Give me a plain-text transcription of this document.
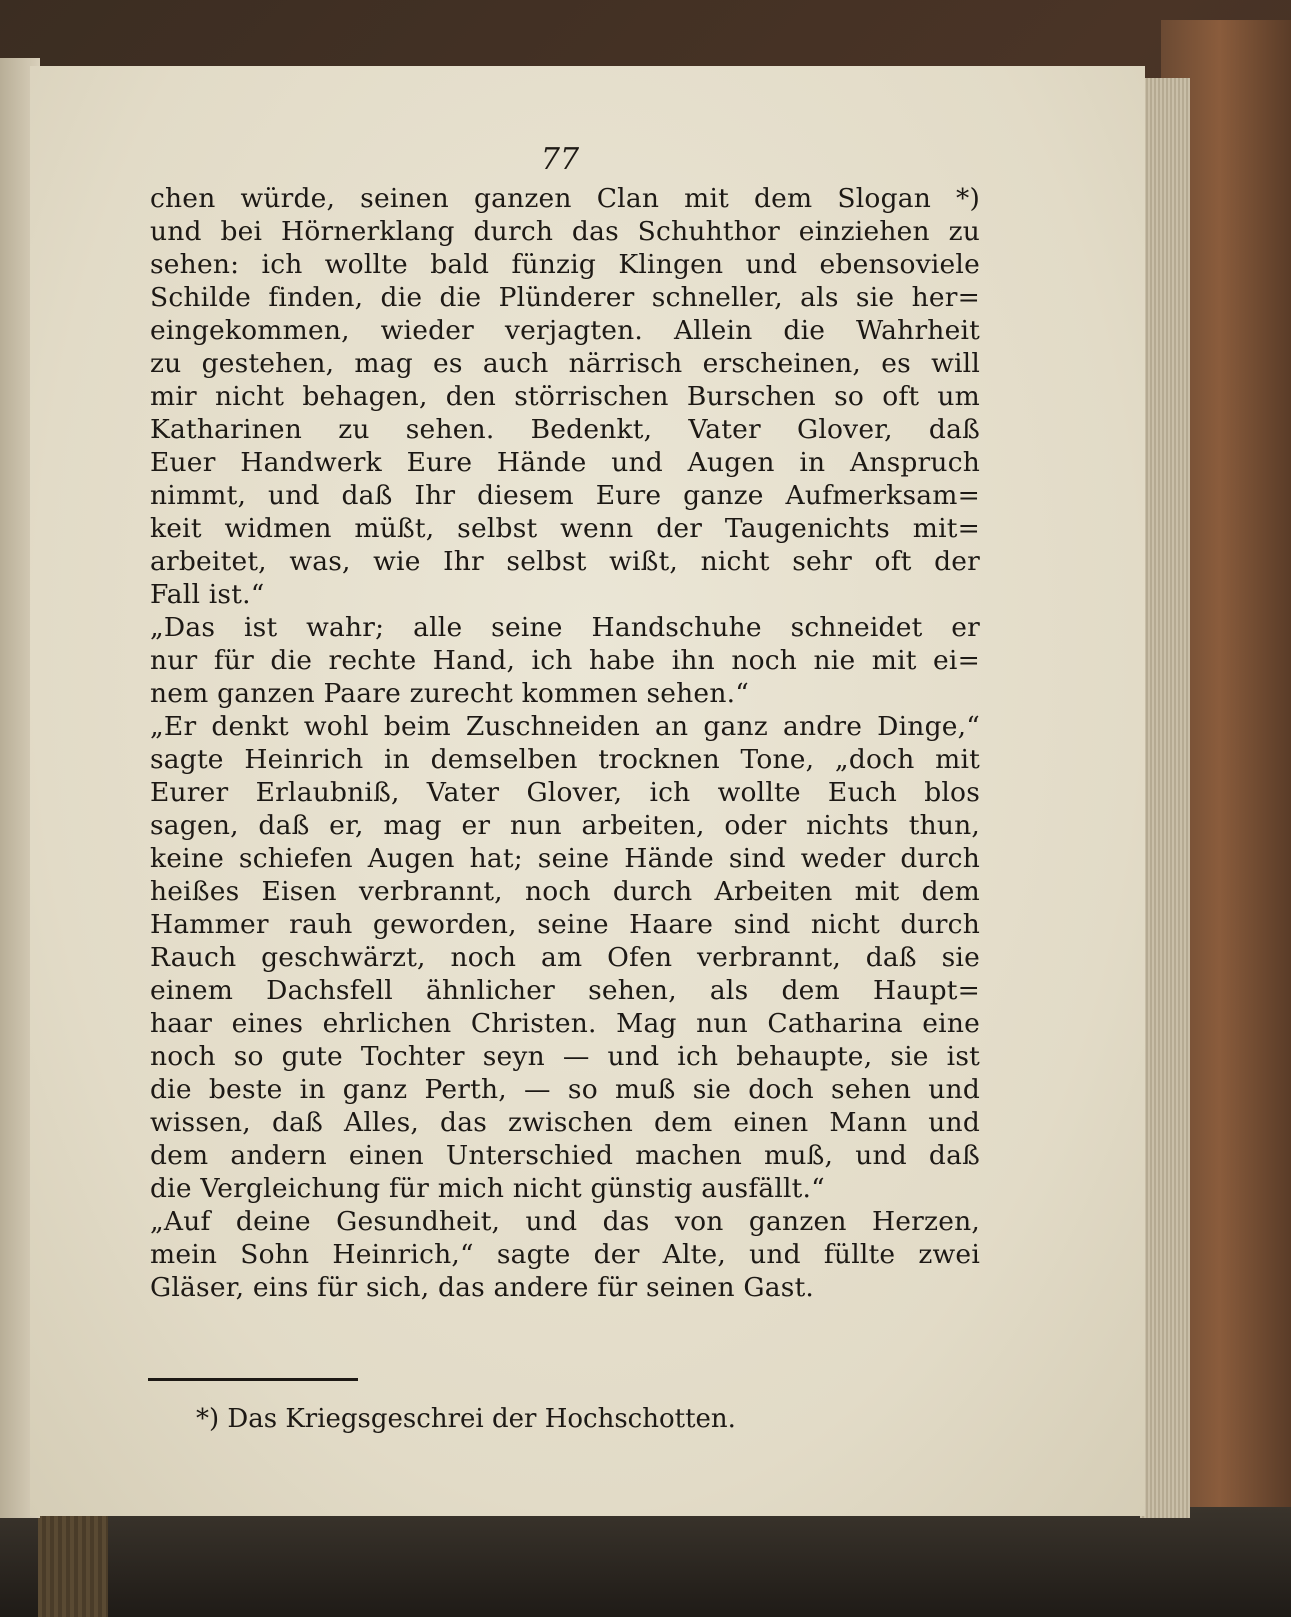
77
chen würde, seinen ganzen Clan mit dem Slogan *)
und bei Hörnerklang durch das Schuhthor einziehen zu
sehen: ich wollte bald fünzig Klingen und ebensoviele
Schilde finden, die die Plünderer schneller, als sie her=
eingekommen, wieder verjagten. Allein die Wahrheit
zu gestehen, mag es auch närrisch erscheinen, es will
mir nicht behagen, den störrischen Burschen so oft um
Katharinen zu sehen. Bedenkt, Vater Glover, daß
Euer Handwerk Eure Hände und Augen in Anspruch
nimmt, und daß Ihr diesem Eure ganze Aufmerksam=
keit widmen müßt, selbst wenn der Taugenichts mit=
arbeitet, was, wie Ihr selbst wißt, nicht sehr oft der
Fall ist.“
„Das ist wahr; alle seine Handschuhe schneidet er
nur für die rechte Hand, ich habe ihn noch nie mit ei=
nem ganzen Paare zurecht kommen sehen.“
„Er denkt wohl beim Zuschneiden an ganz andre Dinge,“
sagte Heinrich in demselben trocknen Tone, „doch mit
Eurer Erlaubniß, Vater Glover, ich wollte Euch blos
sagen, daß er, mag er nun arbeiten, oder nichts thun,
keine schiefen Augen hat; seine Hände sind weder durch
heißes Eisen verbrannt, noch durch Arbeiten mit dem
Hammer rauh geworden, seine Haare sind nicht durch
Rauch geschwärzt, noch am Ofen verbrannt, daß sie
einem Dachsfell ähnlicher sehen, als dem Haupt=
haar eines ehrlichen Christen. Mag nun Catharina eine
noch so gute Tochter seyn — und ich behaupte, sie ist
die beste in ganz Perth, — so muß sie doch sehen und
wissen, daß Alles, das zwischen dem einen Mann und
dem andern einen Unterschied machen muß, und daß
die Vergleichung für mich nicht günstig ausfällt.“
„Auf deine Gesundheit, und das von ganzen Herzen,
mein Sohn Heinrich,“ sagte der Alte, und füllte zwei
Gläser, eins für sich, das andere für seinen Gast.
*) Das Kriegsgeschrei der Hochschotten.
